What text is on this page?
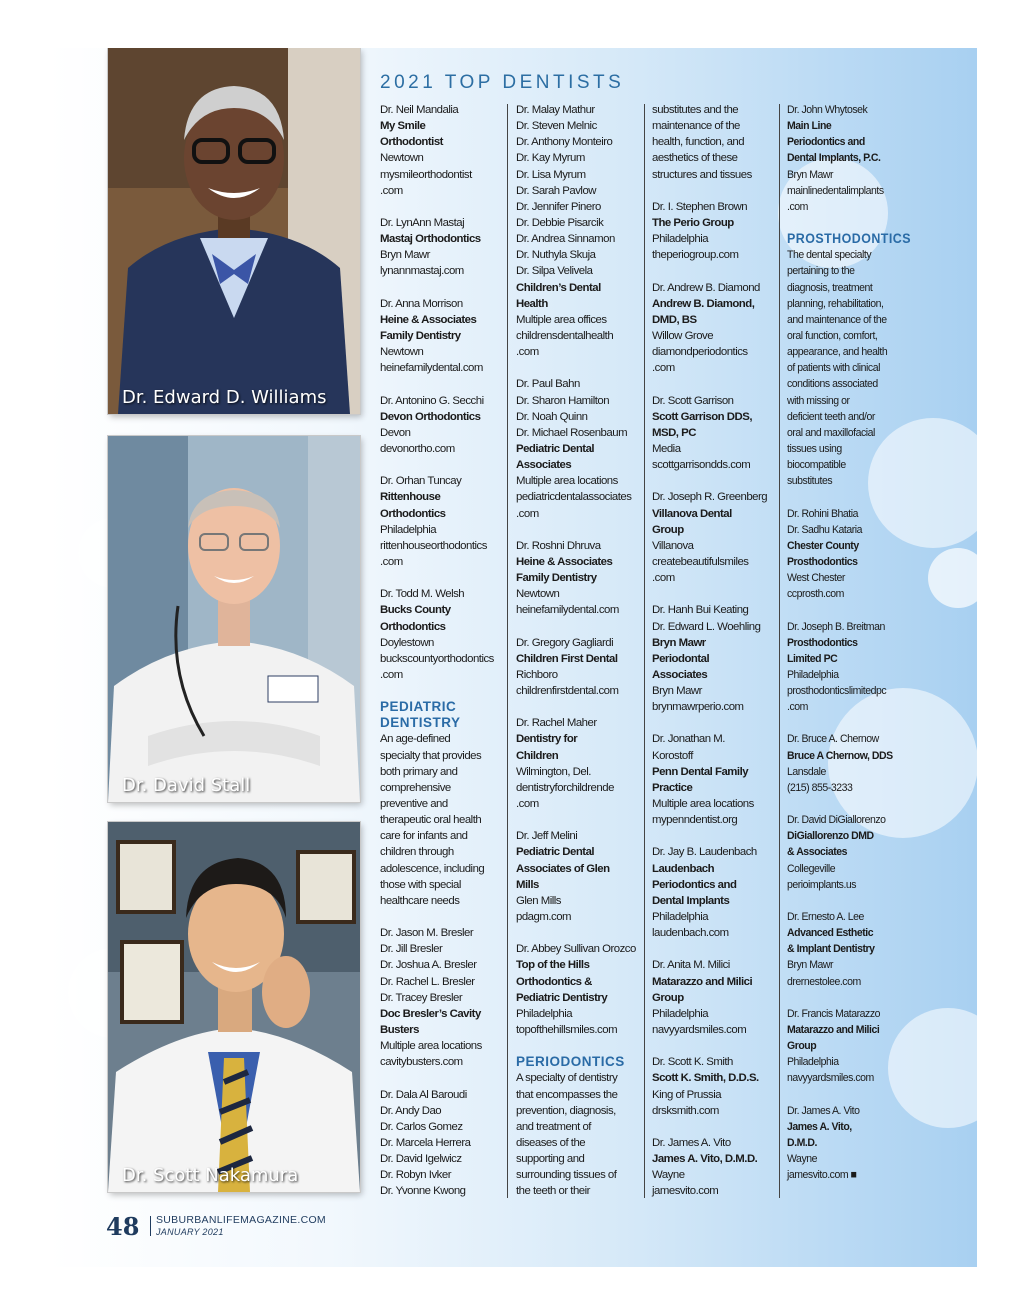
Dr. Edward D. Williams
Dr. David Stall
Dr. Scott Nakamura
2021 TOP DENTISTS
Dr. Neil Mandalia
My Smile
Orthodontist
Newtown
mysmileorthodontist
.com
Dr. LynAnn Mastaj
Mastaj Orthodontics
Bryn Mawr
lynannmastaj.com
Dr. Anna Morrison
Heine & Associates
Family Dentistry
Newtown
heinefamilydental.com
Dr. Antonino G. Secchi
Devon Orthodontics
Devon
devonortho.com
Dr. Orhan Tuncay
Rittenhouse
Orthodontics
Philadelphia
rittenhouseorthodontics
.com
Dr. Todd M. Welsh
Bucks County
Orthodontics
Doylestown
buckscountyorthodontics
.com
PEDIATRIC
DENTISTRY
An age-defined
specialty that provides
both primary and
comprehensive
preventive and
therapeutic oral health
care for infants and
children through
adolescence, including
those with special
healthcare needs
Dr. Jason M. Bresler
Dr. Jill Bresler
Dr. Joshua A. Bresler
Dr. Rachel L. Bresler
Dr. Tracey Bresler
Doc Bresler’s Cavity
Busters
Multiple area locations
cavitybusters.com
Dr. Dala Al Baroudi
Dr. Andy Dao
Dr. Carlos Gomez
Dr. Marcela Herrera
Dr. David Igelwicz
Dr. Robyn Ivker
Dr. Yvonne Kwong
Dr. Malay Mathur
Dr. Steven Melnic
Dr. Anthony Monteiro
Dr. Kay Myrum
Dr. Lisa Myrum
Dr. Sarah Pavlow
Dr. Jennifer Pinero
Dr. Debbie Pisarcik
Dr. Andrea Sinnamon
Dr. Nuthyla Skuja
Dr. Silpa Velivela
Children’s Dental
Health
Multiple area offices
childrensdentalhealth
.com
Dr. Paul Bahn
Dr. Sharon Hamilton
Dr. Noah Quinn
Dr. Michael Rosenbaum
Pediatric Dental
Associates
Multiple area locations
pediatricdentalassociates
.com
Dr. Roshni Dhruva
Heine & Associates
Family Dentistry
Newtown
heinefamilydental.com
Dr. Gregory Gagliardi
Children First Dental
Richboro
childrenfirstdental.com
Dr. Rachel Maher
Dentistry for
Children
Wilmington, Del.
dentistryforchildrende
.com
Dr. Jeff Melini
Pediatric Dental
Associates of Glen
Mills
Glen Mills
pdagm.com
Dr. Abbey Sullivan Orozco
Top of the Hills
Orthodontics &
Pediatric Dentistry
Philadelphia
topofthehillsmiles.com
PERIODONTICS
A specialty of dentistry
that encompasses the
prevention, diagnosis,
and treatment of
diseases of the
supporting and
surrounding tissues of
the teeth or their
substitutes and the
maintenance of the
health, function, and
aesthetics of these
structures and tissues
Dr. I. Stephen Brown
The Perio Group
Philadelphia
theperiogroup.com
Dr. Andrew B. Diamond
Andrew B. Diamond,
DMD, BS
Willow Grove
diamondperiodontics
.com
Dr. Scott Garrison
Scott Garrison DDS,
MSD, PC
Media
scottgarrisondds.com
Dr. Joseph R. Greenberg
Villanova Dental
Group
Villanova
createbeautifulsmiles
.com
Dr. Hanh Bui Keating
Dr. Edward L. Woehling
Bryn Mawr
Periodontal
Associates
Bryn Mawr
brynmawrperio.com
Dr. Jonathan M.
Korostoff
Penn Dental Family
Practice
Multiple area locations
mypenndentist.org
Dr. Jay B. Laudenbach
Laudenbach
Periodontics and
Dental Implants
Philadelphia
laudenbach.com
Dr. Anita M. Milici
Matarazzo and Milici
Group
Philadelphia
navyyardsmiles.com
Dr. Scott K. Smith
Scott K. Smith, D.D.S.
King of Prussia
drsksmith.com
Dr. James A. Vito
James A. Vito, D.M.D.
Wayne
jamesvito.com
Dr. John Whytosek
Main Line
Periodontics and
Dental Implants, P.C.
Bryn Mawr
mainlinedentalimplants
.com
PROSTHODONTICS
The dental specialty
pertaining to the
diagnosis, treatment
planning, rehabilitation,
and maintenance of the
oral function, comfort,
appearance, and health
of patients with clinical
conditions associated
with missing or
deficient teeth and/or
oral and maxillofacial
tissues using
biocompatible
substitutes
Dr. Rohini Bhatia
Dr. Sadhu Kataria
Chester County
Prosthodontics
West Chester
ccprosth.com
Dr. Joseph B. Breitman
Prosthodontics
Limited PC
Philadelphia
prosthodonticslimitedpc
.com
Dr. Bruce A. Chernow
Bruce A Chernow, DDS
Lansdale
(215) 855-3233
Dr. David DiGiallorenzo
DiGiallorenzo DMD
& Associates
Collegeville
perioimplants.us
Dr. Ernesto A. Lee
Advanced Esthetic
& Implant Dentistry
Bryn Mawr
drernestolee.com
Dr. Francis Matarazzo
Matarazzo and Milici
Group
Philadelphia
navyyardsmiles.com
Dr. James A. Vito
James A. Vito,
D.M.D.
Wayne
jamesvito.com ■
48 SUBURBANLIFEMAGAZINE.COM
JANUARY 2021
